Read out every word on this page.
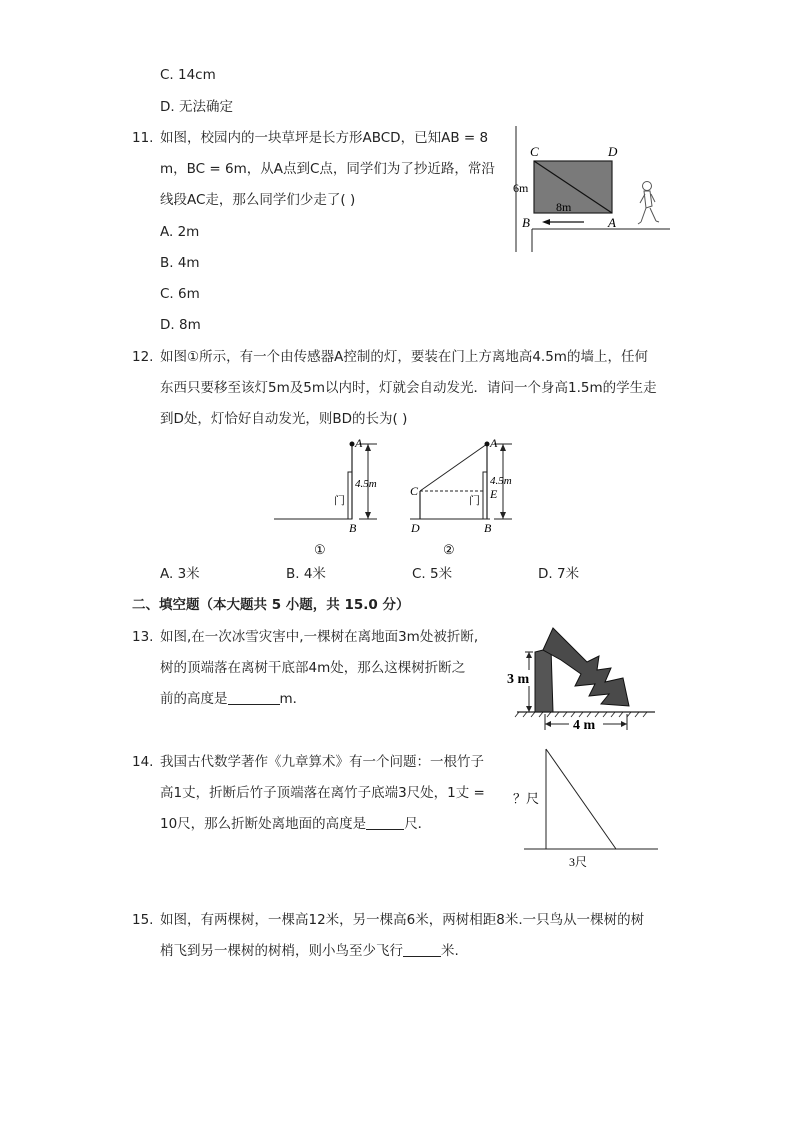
C. 14cm
D. 无法确定
11. 如图，校园内的一块草坪是长方形ABCD，已知AB = 8
m，BC = 6m，从A点到C点，同学们为了抄近路，常沿
线段AC走，那么同学们少走了( )
A. 2m
B. 4m
C. 6m
D. 8m
C	D
B	A
6m
8m
12. 如图①所示，有一个由传感器A控制的灯，要装在门上方离地高4.5m的墙上，任何
东西只要移至该灯5m及5m以内时，灯就会自动发光．请问一个身高1.5m的学生走
到D处，灯恰好自动发光，则BD的长为( )
A
B
4.5m
门
①
A
C
D
E
B
4.5m
门
②
A. 3米	B. 4米	C. 5米	D. 7米
二、填空题（本大题共 5 小题，共 15.0 分）
13. 如图,在一次冰雪灾害中,一棵树在离地面3m处被折断,
树的顶端落在离树干底部4m处，那么这棵树折断之
前的高度是	m．
3 m
4 m
14. 我国古代数学著作《九章算术》有一个问题：一根竹子
高1丈，折断后竹子顶端落在离竹子底端3尺处，1丈 =
10尺，那么折断处离地面的高度是	尺．
？尺
3尺
15. 如图，有两棵树，一棵高12米，另一棵高6米，两树相距8米.一只鸟从一棵树的树
梢飞到另一棵树的树梢，则小鸟至少飞行	米.
